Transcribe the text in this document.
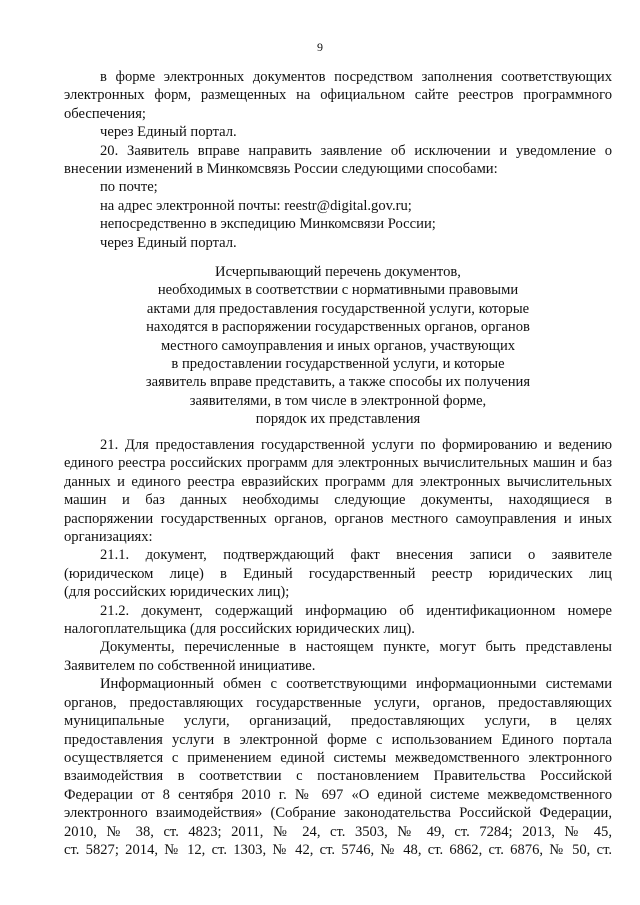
9
в форме электронных документов посредством заполнения соответствующих
электронных форм, размещенных на официальном сайте реестров программного
обеспечения;
через Единый портал.
20. Заявитель вправе направить заявление об исключении и уведомление о
внесении изменений в Минкомсвязь России следующими способами:
по почте;
на адрес электронной почты: reestr@digital.gov.ru;
непосредственно в экспедицию Минкомсвязи России;
через Единый портал.
Исчерпывающий перечень документов,
необходимых в соответствии с нормативными правовыми
актами для предоставления государственной услуги, которые
находятся в распоряжении государственных органов, органов
местного самоуправления и иных органов, участвующих
в предоставлении государственной услуги, и которые
заявитель вправе представить, а также способы их получения
заявителями, в том числе в электронной форме,
порядок их представления
21. Для предоставления государственной услуги по формированию и ведению
единого реестра российских программ для электронных вычислительных машин и баз
данных и единого реестра евразийских программ для электронных вычислительных
машин и баз данных необходимы следующие документы, находящиеся в
распоряжении государственных органов, органов местного самоуправления и иных
организациях:
21.1. документ, подтверждающий факт внесения записи о заявителе
(юридическом лице) в Единый государственный реестр юридических лиц
(для российских юридических лиц);
21.2. документ, содержащий информацию об идентификационном номере
налогоплательщика (для российских юридических лиц).
Документы, перечисленные в настоящем пункте, могут быть представлены
Заявителем по собственной инициативе.
Информационный обмен с соответствующими информационными системами
органов, предоставляющих государственные услуги, органов, предоставляющих
муниципальные услуги, организаций, предоставляющих услуги, в целях
предоставления услуги в электронной форме с использованием Единого портала
осуществляется с применением единой системы межведомственного электронного
взаимодействия в соответствии с постановлением Правительства Российской
Федерации от 8 сентября 2010 г. № 697 «О единой системе межведомственного
электронного взаимодействия» (Собрание законодательства Российской Федерации,
2010, № 38, ст. 4823; 2011, № 24, ст. 3503, № 49, ст. 7284; 2013, № 45,
ст. 5827; 2014, № 12, ст. 1303, № 42, ст. 5746, № 48, ст. 6862, ст. 6876, № 50, ст.
